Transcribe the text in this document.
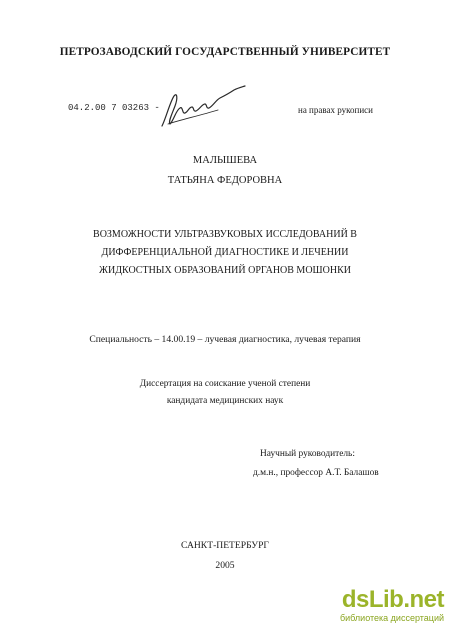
ПЕТРОЗАВОДСКИЙ ГОСУДАРСТВЕННЫЙ УНИВЕРСИТЕТ
04.2.00 7 03263 -	на правах рукописи
МАЛЫШЕВА
ТАТЬЯНА ФЕДОРОВНА
ВОЗМОЖНОСТИ УЛЬТРАЗВУКОВЫХ ИССЛЕДОВАНИЙ В
ДИФФЕРЕНЦИАЛЬНОЙ ДИАГНОСТИКЕ И ЛЕЧЕНИИ
ЖИДКОСТНЫХ ОБРАЗОВАНИЙ ОРГАНОВ МОШОНКИ
Специальность – 14.00.19 – лучевая диагностика, лучевая терапия
Диссертация на соискание ученой степени
кандидата медицинских наук
Научный руководитель:
д.м.н., профессор А.Т. Балашов
САНКТ-ПЕТЕРБУРГ
2005
dsLib.net
библиотека диссертаций
